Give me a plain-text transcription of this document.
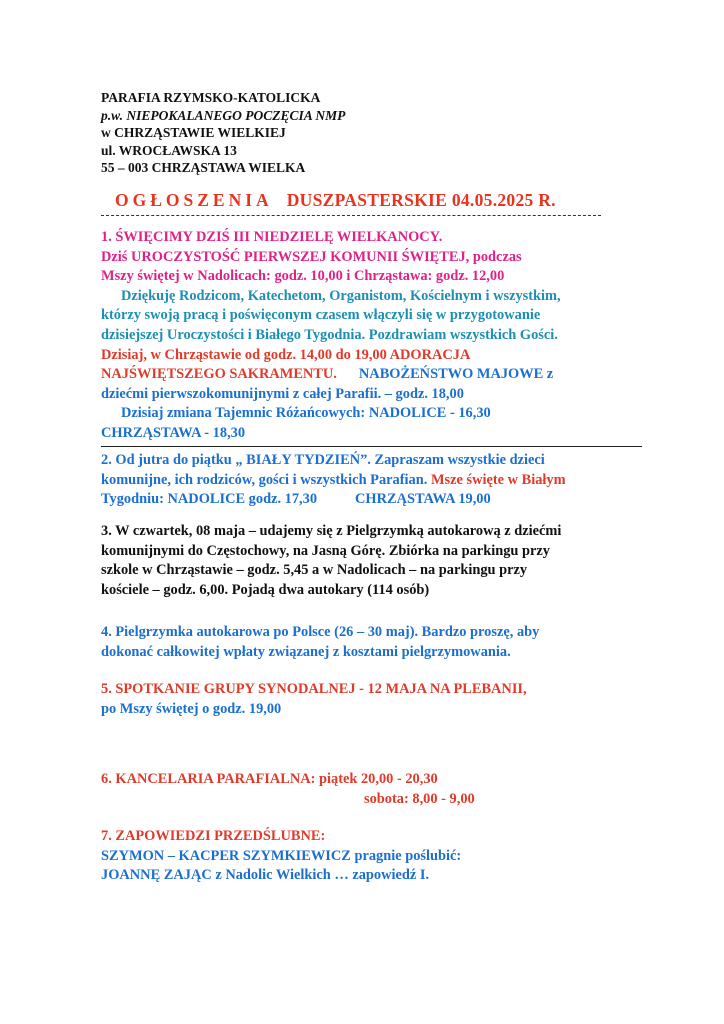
PARAFIA RZYMSKO-KATOLICKA
p.w. NIEPOKALANEGO POCZĘCIA NMP
w CHRZĄSTAWIE WIELKIEJ
ul. WROCŁAWSKA 13
55 – 003 CHRZĄSTAWA WIELKA
OGŁOSZENIA DUSZPASTERSKIE 04.05.2025 R.
1. ŚWIĘCIMY DZIŚ III NIEDZIELĘ WIELKANOCY.
Dziś UROCZYSTOŚĆ PIERWSZEJ KOMUNII ŚWIĘTEJ, podczas
Mszy świętej w Nadolicach: godz. 10,00 i Chrząstawa: godz. 12,00
Dziękuję Rodzicom, Katechetom, Organistom, Kościelnym i wszystkim,
którzy swoją pracą i poświęconym czasem włączyli się w przygotowanie
dzisiejszej Uroczystości i Białego Tygodnia. Pozdrawiam wszystkich Gości.
Dzisiaj, w Chrząstawie od godz. 14,00 do 19,00 ADORACJA
NAJŚWIĘTSZEGO SAKRAMENTU. NABOŻEŃSTWO MAJOWE z
dziećmi pierwszokomunijnymi z całej Parafii. – godz. 18,00
Dzisiaj zmiana Tajemnic Różańcowych: NADOLICE - 16,30
CHRZĄSTAWA - 18,30
2. Od jutra do piątku „ BIAŁY TYDZIEŃ”. Zapraszam wszystkie dzieci
komunijne, ich rodziców, gości i wszystkich Parafian. Msze święte w Białym
Tygodniu: NADOLICE godz. 17,30	CHRZĄSTAWA 19,00
3. W czwartek, 08 maja – udajemy się z Pielgrzymką autokarową z dziećmi
komunijnymi do Częstochowy, na Jasną Górę. Zbiórka na parkingu przy
szkole w Chrząstawie – godz. 5,45 a w Nadolicach – na parkingu przy
kościele – godz. 6,00. Pojadą dwa autokary (114 osób)
4. Pielgrzymka autokarowa po Polsce (26 – 30 maj). Bardzo proszę, aby
dokonać całkowitej wpłaty związanej z kosztami pielgrzymowania.
5. SPOTKANIE GRUPY SYNODALNEJ - 12 MAJA NA PLEBANII,
po Mszy świętej o godz. 19,00
6. KANCELARIA PARAFIALNA: piątek 20,00 - 20,30
sobota: 8,00 - 9,00
7. ZAPOWIEDZI PRZEDŚLUBNE:
SZYMON – KACPER SZYMKIEWICZ pragnie poślubić:
JOANNĘ ZAJĄC z Nadolic Wielkich … zapowiedź I.
